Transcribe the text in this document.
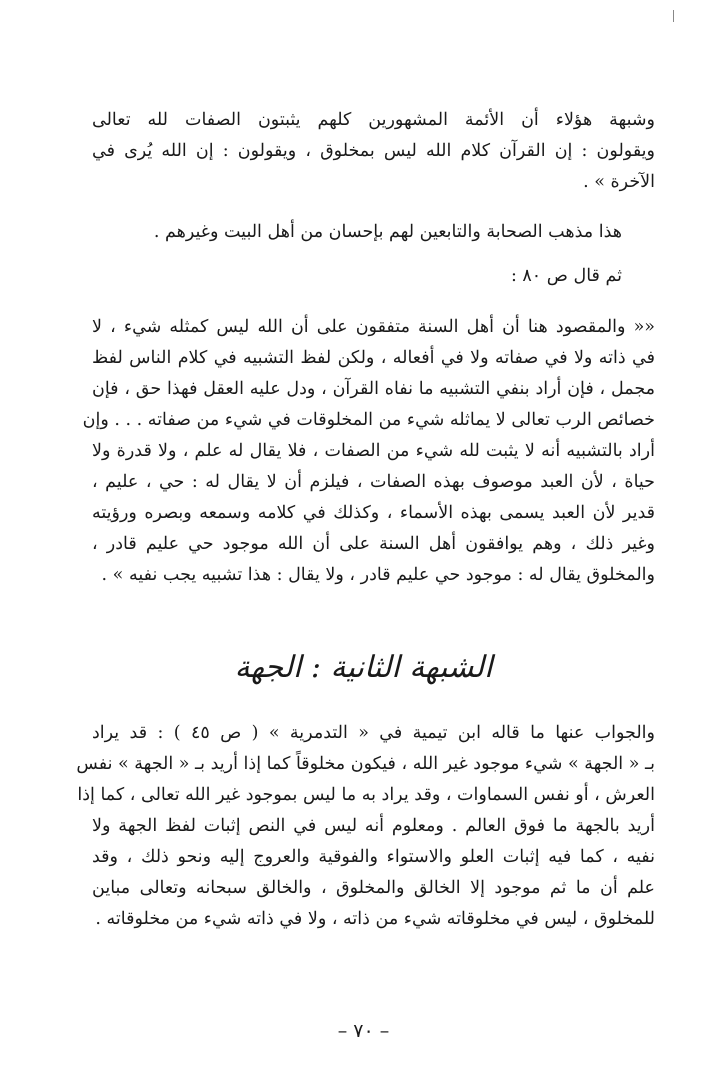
وشبهة هؤلاء أن الأئمة المشهورين كلهم يثبتون الصفات لله تعالى
ويقولون : إن القرآن كلام الله ليس بمخلوق ، ويقولون : إن الله يُرى في
الآخرة » .
هذا مذهب الصحابة والتابعين لهم بإحسان من أهل البيت وغيرهم .
ثم قال ص ٨٠ :
«« والمقصود هنا أن أهل السنة متفقون على أن الله ليس كمثله شيء ، لا
في ذاته ولا في صفاته ولا في أفعاله ، ولكن لفظ التشبيه في كلام الناس لفظ
مجمل ، فإن أراد بنفي التشبيه ما نفاه القرآن ، ودل عليه العقل فهذا حق ، فإن
خصائص الرب تعالى لا يماثله شيء من المخلوقات في شيء من صفاته . . . وإن
أراد بالتشبيه أنه لا يثبت لله شيء من الصفات ، فلا يقال له علم ، ولا قدرة ولا
حياة ، لأن العبد موصوف بهذه الصفات ، فيلزم أن لا يقال له : حي ، عليم ،
قدير لأن العبد يسمى بهذه الأسماء ، وكذلك في كلامه وسمعه وبصره ورؤيته
وغير ذلك ، وهم يوافقون أهل السنة على أن الله موجود حي عليم قادر ،
والمخلوق يقال له : موجود حي عليم قادر ، ولا يقال : هذا تشبيه يجب نفيه » .
الشبهة الثانية : الجهة
والجواب عنها ما قاله ابن تيمية في « التدمرية » ( ص ٤٥ ) : قد يراد
بـ « الجهة » شيء موجود غير الله ، فيكون مخلوقاً كما إذا أريد بـ « الجهة » نفس
العرش ، أو نفس السماوات ، وقد يراد به ما ليس بموجود غير الله تعالى ، كما إذا
أريد بالجهة ما فوق العالم . ومعلوم أنه ليس في النص إثبات لفظ الجهة ولا
نفيه ، كما فيه إثبات العلو والاستواء والفوقية والعروج إليه ونحو ذلك ، وقد
علم أن ما ثم موجود إلا الخالق والمخلوق ، والخالق سبحانه وتعالى مباين
للمخلوق ، ليس في مخلوقاته شيء من ذاته ، ولا في ذاته شيء من مخلوقاته .
– ٧٠ –
